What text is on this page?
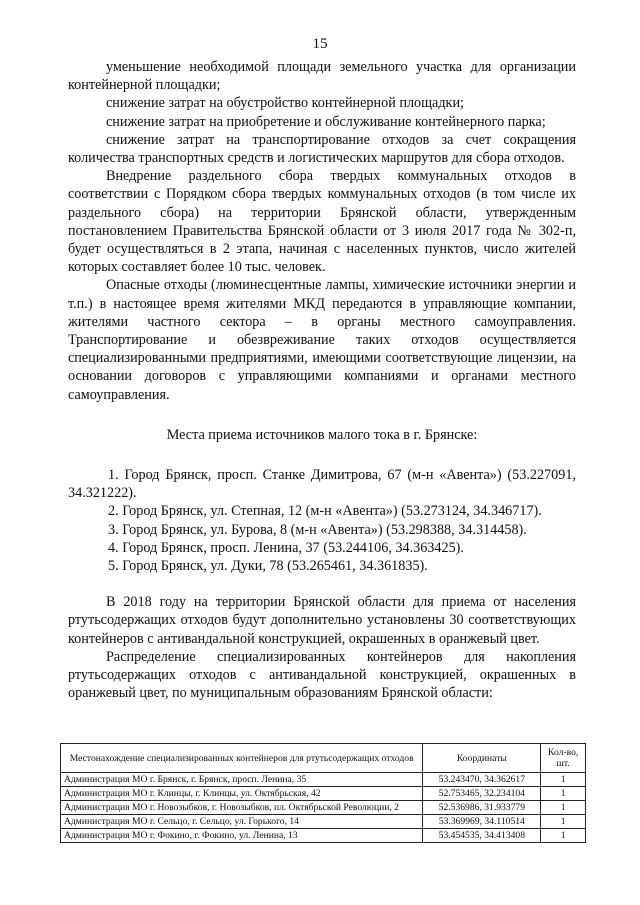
15

уменьшение необходимой площади земельного участка для организации контейнерной площадки;

снижение затрат на обустройство контейнерной площадки;

снижение затрат на приобретение и обслуживание контейнерного парка;

снижение затрат на транспортирование отходов за счет сокращения количества транспортных средств и логистических маршрутов для сбора отходов.

Внедрение раздельного сбора твердых коммунальных отходов в соответствии с Порядком сбора твердых коммунальных отходов (в том числе их раздельного сбора) на территории Брянской области, утвержденным постановлением Правительства Брянской области от 3 июля 2017 года № 302-п, будет осуществляться в 2 этапа, начиная с населенных пунктов, число жителей которых составляет более 10 тыс. человек.

Опасные отходы (люминесцентные лампы, химические источники энергии и т.п.) в настоящее время жителями МКД передаются в управляющие компании, жителями частного сектора – в органы местного самоуправления. Транспортирование и обезвреживание таких отходов осуществляется специализированными предприятиями, имеющими соответствующие лицензии, на основании договоров с управляющими компаниями и органами местного самоуправления.

Места приема источников малого тока в г. Брянске:

1. Город Брянск, просп. Станке Димитрова, 67 (м-н «Авента») (53.227091, 34.321222).

2. Город Брянск, ул. Степная, 12 (м-н «Авента») (53.273124, 34.346717).

3. Город Брянск, ул. Бурова, 8 (м-н «Авента») (53.298388, 34.314458).

4. Город Брянск, просп. Ленина, 37 (53.244106, 34.363425).

5. Город Брянск, ул. Дуки, 78 (53.265461, 34.361835).

В 2018 году на территории Брянской области для приема от населения ртутьсодержащих отходов будут дополнительно установлены 30 соответствующих контейнеров с антивандальной конструкцией, окрашенных в оранжевый цвет.

Распределение специализированных контейнеров для накопления ртутьсодержащих отходов с антивандальной конструкцией, окрашенных в оранжевый цвет, по муниципальным образованиям Брянской области:

Местонахождение специализированных контейнеров для ртутьсодержащих отходов	Координаты	Кол-во, шт.
Администрация МО г. Брянск, г. Брянск, просп. Ленина, 35	53.243470, 34.362617	1
Администрация МО г. Клинцы, г. Клинцы, ул. Октябрьская, 42	52.753465, 32.234104	1
Администрация МО г. Новозыбков, г. Новозыбков, пл. Октябрьской Революции, 2	52.536986, 31.933779	1
Администрация МО г. Сельцо, г. Сельцо, ул. Горького, 14	53.369969, 34.110514	1
Администрация МО г. Фокино, г. Фокино, ул. Ленина, 13	53.454535, 34.413408	1
